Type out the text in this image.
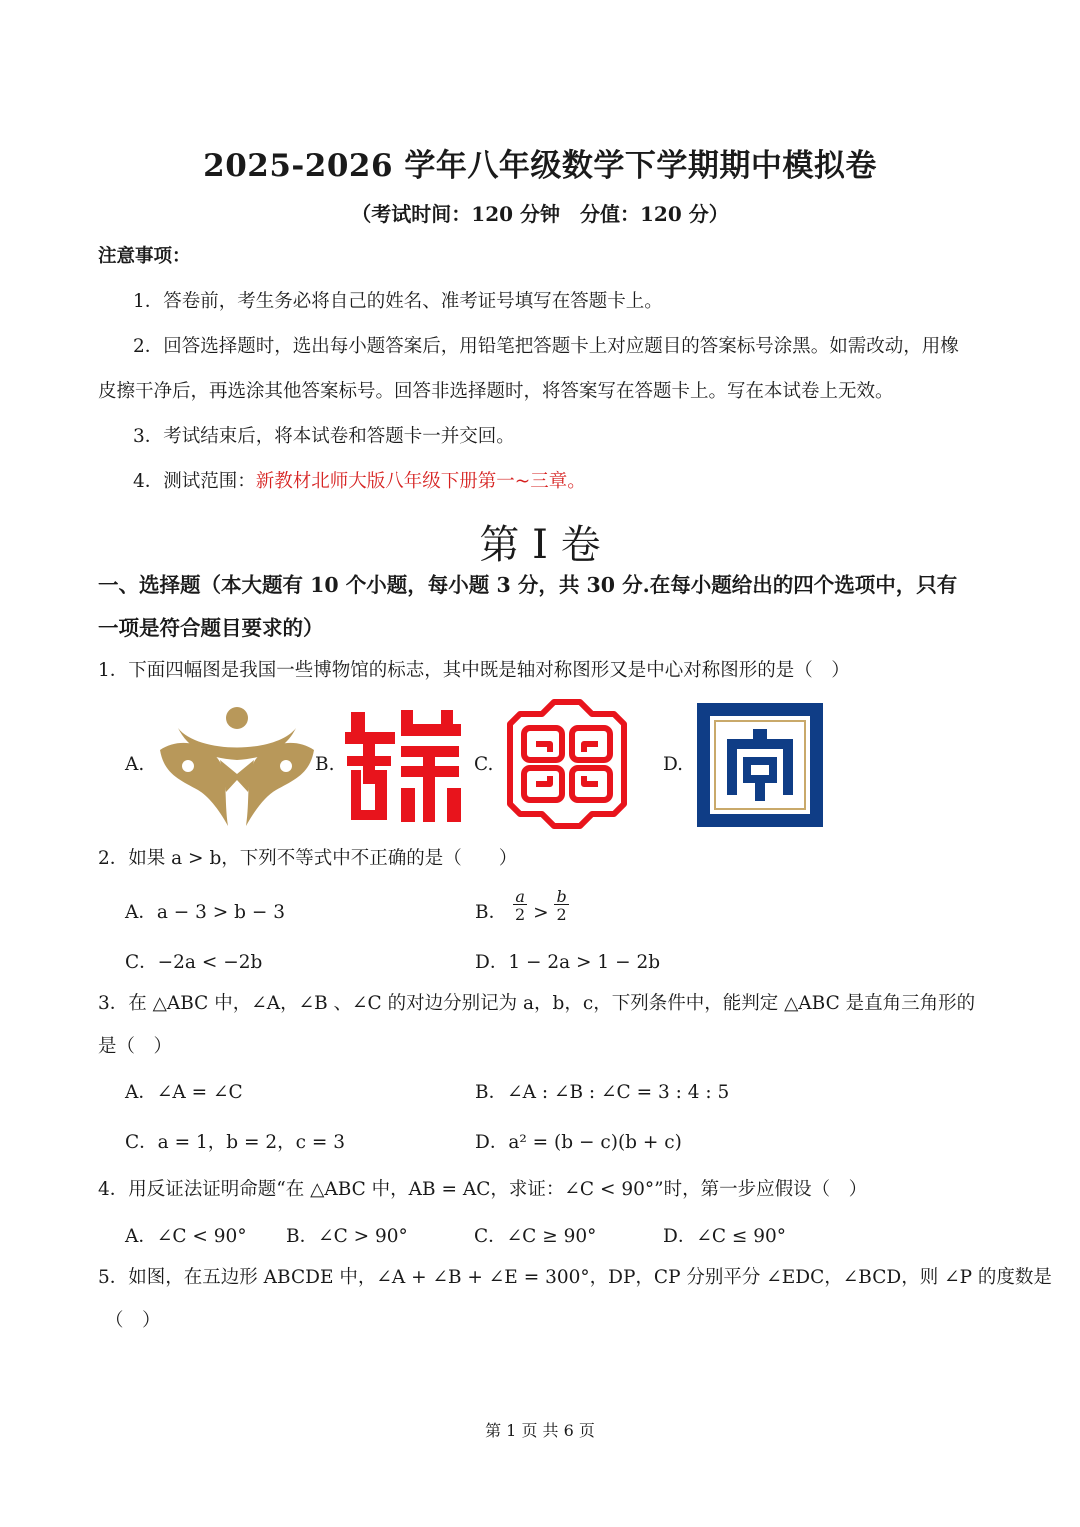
2025-2026 学年八年级数学下学期期中模拟卷
（考试时间：120 分钟　分值：120 分）
注意事项：
1．答卷前，考生务必将自己的姓名、准考证号填写在答题卡上。
2．回答选择题时，选出每小题答案后，用铅笔把答题卡上对应题目的答案标号涂黑。如需改动，用橡
皮擦干净后，再选涂其他答案标号。回答非选择题时，将答案写在答题卡上。写在本试卷上无效。
3．考试结束后，将本试卷和答题卡一并交回。
4．测试范围：新教材北师大版八年级下册第一~三章。
第 I 卷
一、选择题（本大题有 10 个小题，每小题 3 分，共 30 分.在每小题给出的四个选项中，只有
一项是符合题目要求的）
1．下面四幅图是我国一些博物馆的标志，其中既是轴对称图形又是中心对称图形的是（　）
A.	B.	C.	D.
2．如果 a > b，下列不等式中不正确的是（　　）
A．a − 3 > b − 3	B． $\frac{a}{2} > \frac{b}{2}$
C．−2a < −2b	D．1 − 2a > 1 − 2b
3．在 △ABC 中，∠A，∠B 、∠C 的对边分别记为 a，b，c，下列条件中，能判定 △ABC 是直角三角形的
是（　）
A．∠A = ∠C	B．∠A : ∠B : ∠C = 3 : 4 : 5
C．a = 1，b = 2，c = 3	D．a² = (b − c)(b + c)
4．用反证法证明命题“在 △ABC 中，AB = AC，求证：∠C < 90°”时，第一步应假设（　）
A．∠C < 90° B．∠C > 90°	C．∠C ≥ 90°	D．∠C ≤ 90°
5．如图，在五边形 ABCDE 中，∠A + ∠B + ∠E = 300°，DP，CP 分别平分 ∠EDC，∠BCD，则 ∠P 的度数是
（　）
第 1 页 共 6 页
